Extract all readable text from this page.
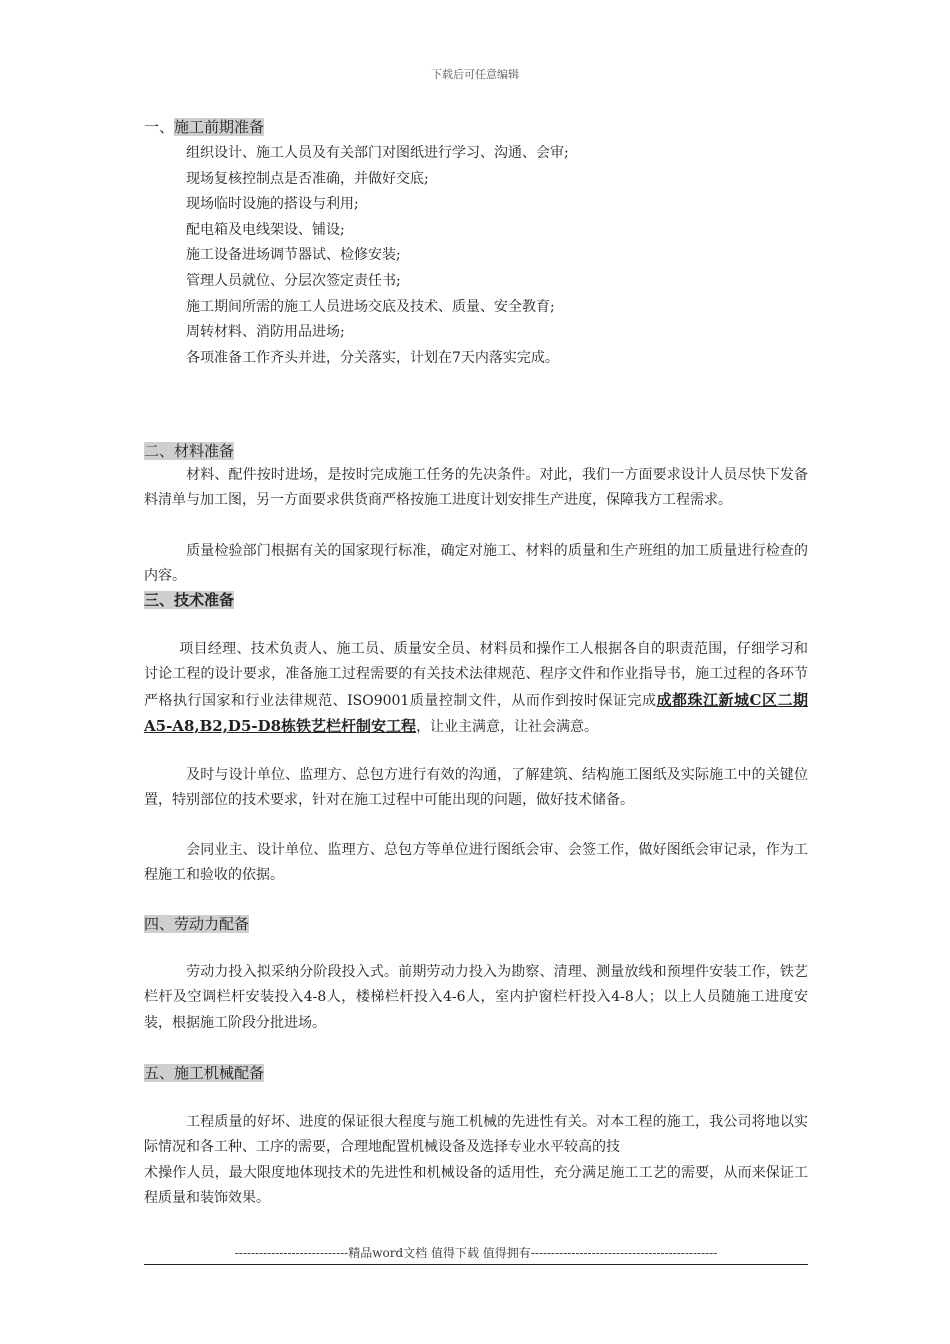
下载后可任意编辑
一、施工前期准备
组织设计、施工人员及有关部门对图纸进行学习、沟通、会审;
现场复核控制点是否准确，并做好交底;
现场临时设施的搭设与利用;
配电箱及电线架设、铺设;
施工设备进场调节器试、检修安装;
管理人员就位、分层次签定责任书;
施工期间所需的施工人员进场交底及技术、质量、安全教育;
周转材料、消防用品进场;
各项准备工作齐头并进，分关落实，计划在7天内落实完成。
二、材料准备

材料、配件按时进场，是按时完成施工任务的先决条件。对此，我们一方面要求设计人员尽快下发备料清单与加工图，另一方面要求供货商严格按施工进度计划安排生产进度，保障我方工程需求。

质量检验部门根据有关的国家现行标准，确定对施工、材料的质量和生产班组的加工质量进行检查的内容。

三、技术准备

项目经理、技术负责人、施工员、质量安全员、材料员和操作工人根据各自的职责范围，仔细学习和讨论工程的设计要求，准备施工过程需要的有关技术法律规范、程序文件和作业指导书，施工过程的各环节严格执行国家和行业法律规范、ISO9001质量控制文件，从而作到按时保证完成成都珠江新城C区二期A5-A8,B2,D5-D8栋铁艺栏杆制安工程，让业主满意，让社会满意。

及时与设计单位、监理方、总包方进行有效的沟通，了解建筑、结构施工图纸及实际施工中的关键位置，特别部位的技术要求，针对在施工过程中可能出现的问题，做好技术储备。

会同业主、设计单位、监理方、总包方等单位进行图纸会审、会签工作，做好图纸会审记录，作为工程施工和验收的依据。

四、劳动力配备

劳动力投入拟采纳分阶段投入式。前期劳动力投入为勘察、清理、测量放线和预埋件安装工作，铁艺栏杆及空调栏杆安装投入4-8人，楼梯栏杆投入4-6人，室内护窗栏杆投入4-8人；以上人员随施工进度安装，根据施工阶段分批进场。

五、施工机械配备

工程质量的好坏、进度的保证很大程度与施工机械的先进性有关。对本工程的施工，我公司将地以实际情况和各工种、工序的需要，合理地配置机械设备及选择专业水平较高的技
术操作人员，最大限度地体现技术的先进性和机械设备的适用性，充分满足施工工艺的需要，从而来保证工程质量和装饰效果。

----------------------------精品word文档 值得下载 值得拥有----------------------------------------------
